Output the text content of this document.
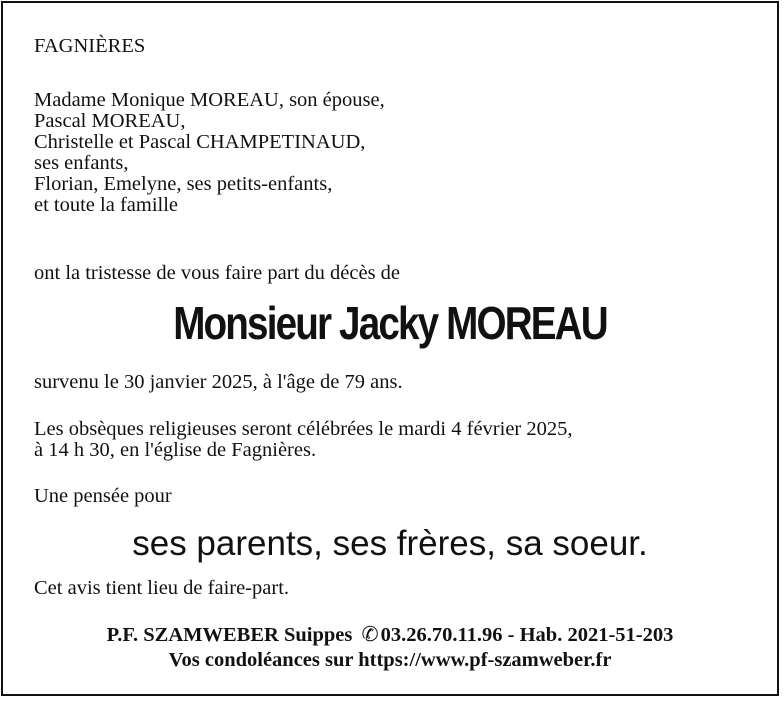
FAGNIÈRES
Madame Monique MOREAU, son épouse,
Pascal MOREAU,
Christelle et Pascal CHAMPETINAUD,
ses enfants,
Florian, Emelyne, ses petits-enfants,
et toute la famille
ont la tristesse de vous faire part du décès de
Monsieur Jacky MOREAU
survenu le 30 janvier 2025, à l'âge de 79 ans.
Les obsèques religieuses seront célébrées le mardi 4 février 2025,
à 14 h 30, en l'église de Fagnières.
Une pensée pour
ses parents, ses frères, sa soeur.
Cet avis tient lieu de faire-part.
P.F. SZAMWEBER Suippes ✆03.26.70.11.96 - Hab. 2021-51-203
Vos condoléances sur https://www.pf-szamweber.fr
